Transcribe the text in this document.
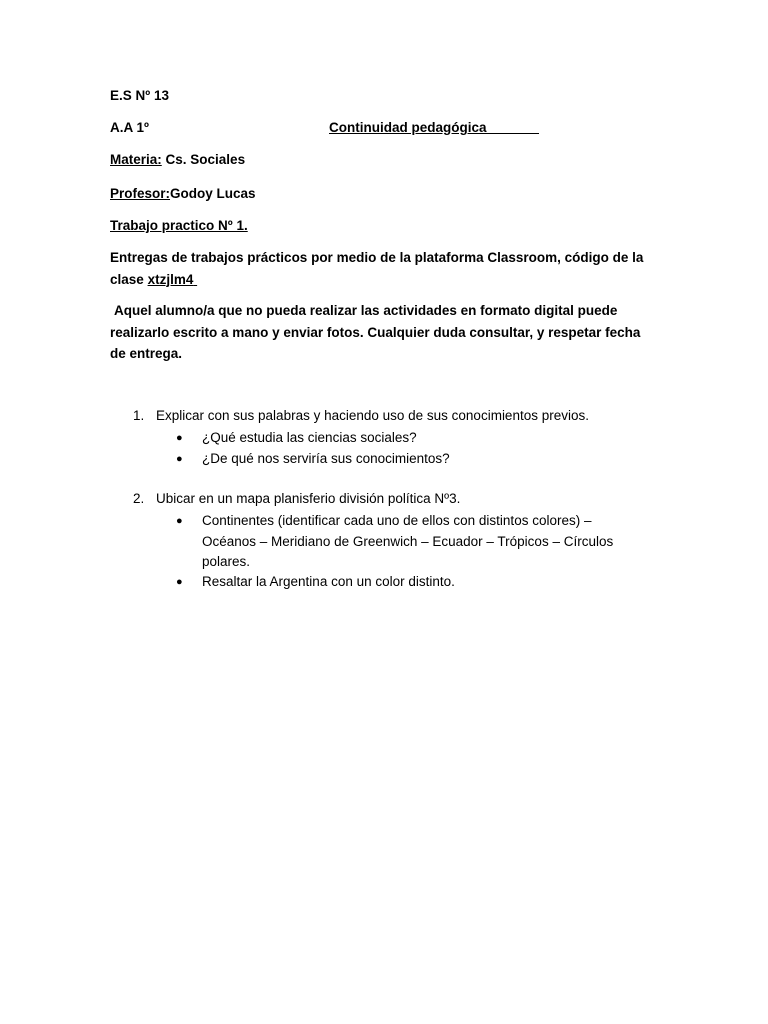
E.S Nº 13
A.A 1º	Continuidad pedagógica
Materia: Cs. Sociales
Profesor:Godoy Lucas
Trabajo practico Nº 1.
Entregas de trabajos prácticos por medio de la plataforma Classroom, código de la clase xtzjlm4
Aquel alumno/a que no pueda realizar las actividades en formato digital puede realizarlo escrito a mano y enviar fotos. Cualquier duda consultar, y respetar fecha de entrega.
1. Explicar con sus palabras y haciendo uso de sus conocimientos previos.
● ¿Qué estudia las ciencias sociales?
● ¿De qué nos serviría sus conocimientos?
2. Ubicar en un mapa planisferio división política Nº3.
● Continentes (identificar cada uno de ellos con distintos colores) – Océanos – Meridiano de Greenwich – Ecuador – Trópicos – Círculos polares.
● Resaltar la Argentina con un color distinto.
